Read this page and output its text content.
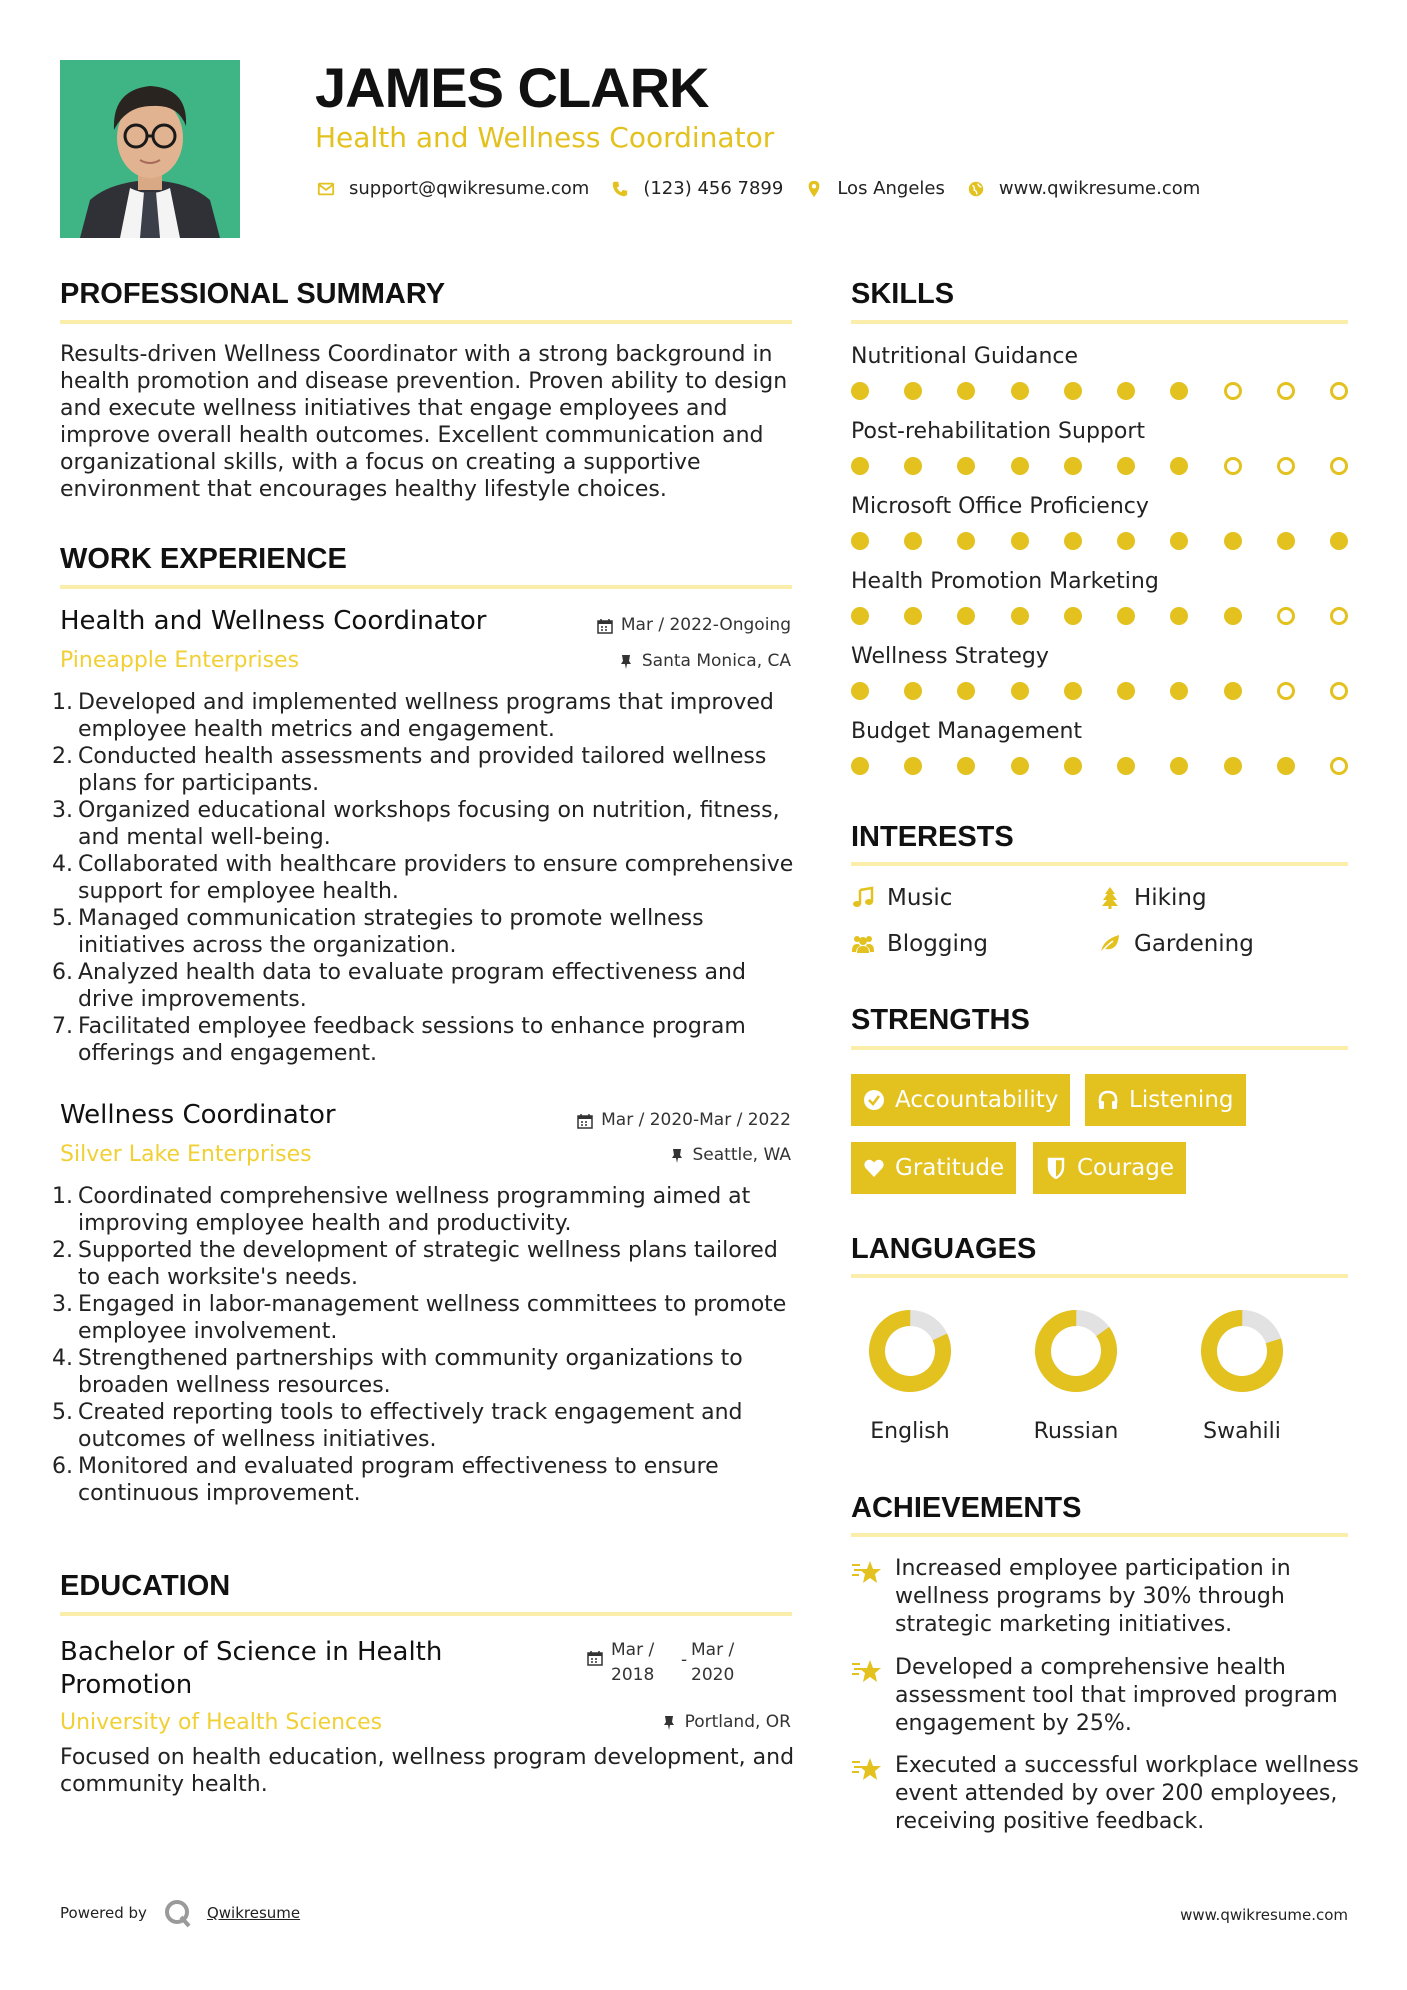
JAMES CLARK
Health and Wellness Coordinator
support@qwikresume.com	(123) 456 7899	Los Angeles	www.qwikresume.com
PROFESSIONAL SUMMARY
Results-driven Wellness Coordinator with a strong background in health promotion and disease prevention. Proven ability to design and execute wellness initiatives that engage employees and improve overall health outcomes. Excellent communication and organizational skills, with a focus on creating a supportive environment that encourages healthy lifestyle choices.
WORK EXPERIENCE
Health and Wellness Coordinator	Mar / 2022-Ongoing
Pineapple Enterprises	Santa Monica, CA
1. Developed and implemented wellness programs that improved employee health metrics and engagement.
2. Conducted health assessments and provided tailored wellness plans for participants.
3. Organized educational workshops focusing on nutrition, fitness, and mental well-being.
4. Collaborated with healthcare providers to ensure comprehensive support for employee health.
5. Managed communication strategies to promote wellness initiatives across the organization.
6. Analyzed health data to evaluate program effectiveness and drive improvements.
7. Facilitated employee feedback sessions to enhance program offerings and engagement.
Wellness Coordinator	Mar / 2020-Mar / 2022
Silver Lake Enterprises	Seattle, WA
1. Coordinated comprehensive wellness programming aimed at improving employee health and productivity.
2. Supported the development of strategic wellness plans tailored to each worksite's needs.
3. Engaged in labor-management wellness committees to promote employee involvement.
4. Strengthened partnerships with community organizations to broaden wellness resources.
5. Created reporting tools to effectively track engagement and outcomes of wellness initiatives.
6. Monitored and evaluated program effectiveness to ensure continuous improvement.
EDUCATION
Bachelor of Science in Health
Promotion
Mar /
2018
- Mar /
2020
University of Health Sciences	Portland, OR
Focused on health education, wellness program development, and community health.
SKILLS
Nutritional Guidance
Post-rehabilitation Support
Microsoft Office Proficiency
Health Promotion Marketing
Wellness Strategy
Budget Management
INTERESTS
Music	Hiking
Blogging	Gardening
STRENGTHS
Accountability	Listening
Gratitude	Courage
LANGUAGES
English	Russian	Swahili
ACHIEVEMENTS
Increased employee participation in wellness programs by 30% through strategic marketing initiatives.
Developed a comprehensive health assessment tool that improved program engagement by 25%.
Executed a successful workplace wellness event attended by over 200 employees, receiving positive feedback.
Powered by	Qwikresume	www.qwikresume.com
